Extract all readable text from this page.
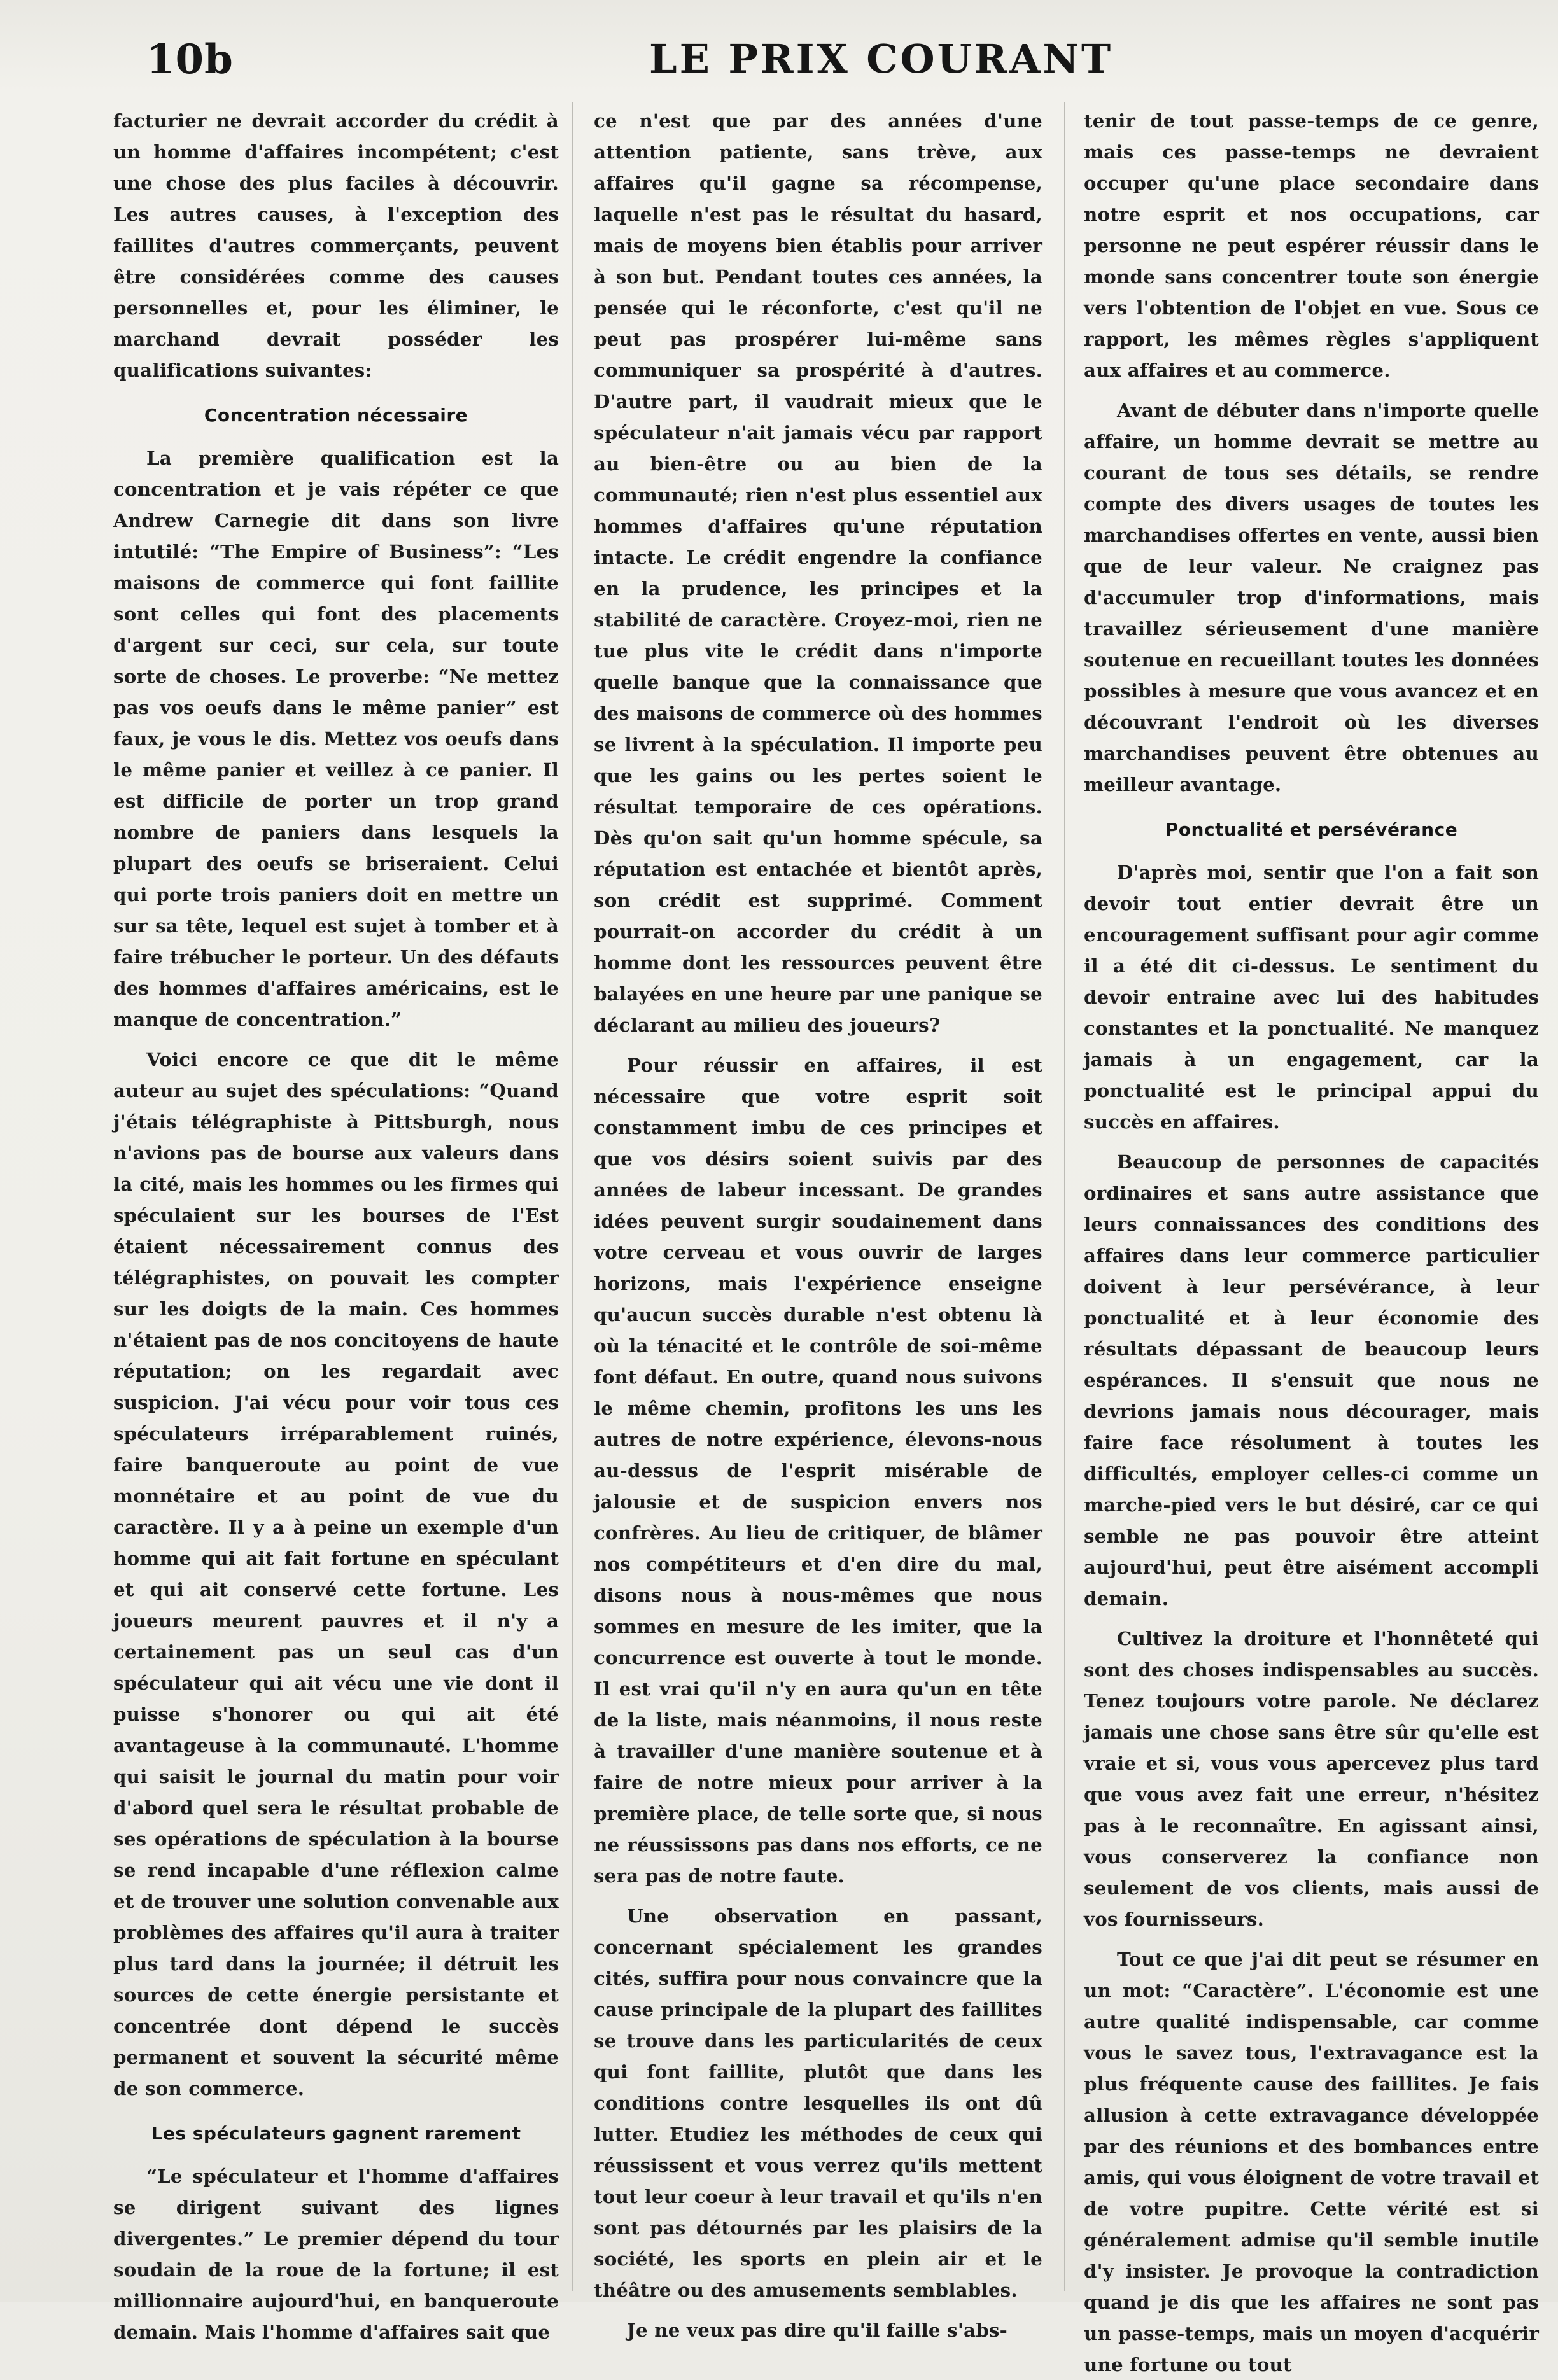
10b	LE PRIX COURANT

facturier ne devrait accorder du crédit à un homme d'affaires incompétent; c'est une chose des plus faciles à découvrir. Les autres causes, à l'exception des faillites d'autres commerçants, peuvent être considérées comme des causes personnelles et, pour les éliminer, le marchand devrait posséder les qualifications suivantes:

Concentration nécessaire

La première qualification est la concentration et je vais répéter ce que Andrew Carnegie dit dans son livre intutilé: “The Empire of Business”: “Les maisons de commerce qui font faillite sont celles qui font des placements d'argent sur ceci, sur cela, sur toute sorte de choses. Le proverbe: “Ne mettez pas vos oeufs dans le même panier” est faux, je vous le dis. Mettez vos oeufs dans le même panier et veillez à ce panier. Il est difficile de porter un trop grand nombre de paniers dans lesquels la plupart des oeufs se briseraient. Celui qui porte trois paniers doit en mettre un sur sa tête, lequel est sujet à tomber et à faire trébucher le porteur. Un des défauts des hommes d'affaires américains, est le manque de concentration.”

Voici encore ce que dit le même auteur au sujet des spéculations: “Quand j'étais télégraphiste à Pittsburgh, nous n'avions pas de bourse aux valeurs dans la cité, mais les hommes ou les firmes qui spéculaient sur les bourses de l'Est étaient nécessairement connus des télégraphistes, on pouvait les compter sur les doigts de la main. Ces hommes n'étaient pas de nos concitoyens de haute réputation; on les regardait avec suspicion. J'ai vécu pour voir tous ces spéculateurs irréparablement ruinés, faire banqueroute au point de vue monnétaire et au point de vue du caractère. Il y a à peine un exemple d'un homme qui ait fait fortune en spéculant et qui ait conservé cette fortune. Les joueurs meurent pauvres et il n'y a certainement pas un seul cas d'un spéculateur qui ait vécu une vie dont il puisse s'honorer ou qui ait été avantageuse à la communauté. L'homme qui saisit le journal du matin pour voir d'abord quel sera le résultat probable de ses opérations de spéculation à la bourse se rend incapable d'une réflexion calme et de trouver une solution convenable aux problèmes des affaires qu'il aura à traiter plus tard dans la journée; il détruit les sources de cette énergie persistante et concentrée dont dépend le succès permanent et souvent la sécurité même de son commerce.

Les spéculateurs gagnent rarement

“Le spéculateur et l'homme d'affaires se dirigent suivant des lignes divergentes.” Le premier dépend du tour soudain de la roue de la fortune; il est millionnaire aujourd'hui, en banqueroute demain. Mais l'homme d'affaires sait que

ce n'est que par des années d'une attention patiente, sans trève, aux affaires qu'il gagne sa récompense, laquelle n'est pas le résultat du hasard, mais de moyens bien établis pour arriver à son but. Pendant toutes ces années, la pensée qui le réconforte, c'est qu'il ne peut pas prospérer lui-même sans communiquer sa prospérité à d'autres. D'autre part, il vaudrait mieux que le spéculateur n'ait jamais vécu par rapport au bien-être ou au bien de la communauté; rien n'est plus essentiel aux hommes d'affaires qu'une réputation intacte. Le crédit engendre la confiance en la prudence, les principes et la stabilité de caractère. Croyez-moi, rien ne tue plus vite le crédit dans n'importe quelle banque que la connaissance que des maisons de commerce où des hommes se livrent à la spéculation. Il importe peu que les gains ou les pertes soient le résultat temporaire de ces opérations. Dès qu'on sait qu'un homme spécule, sa réputation est entachée et bientôt après, son crédit est supprimé. Comment pourrait-on accorder du crédit à un homme dont les ressources peuvent être balayées en une heure par une panique se déclarant au milieu des joueurs?

Pour réussir en affaires, il est nécessaire que votre esprit soit constamment imbu de ces principes et que vos désirs soient suivis par des années de labeur incessant. De grandes idées peuvent surgir soudainement dans votre cerveau et vous ouvrir de larges horizons, mais l'expérience enseigne qu'aucun succès durable n'est obtenu là où la ténacité et le contrôle de soi-même font défaut. En outre, quand nous suivons le même chemin, profitons les uns les autres de notre expérience, élevons-nous au-dessus de l'esprit misérable de jalousie et de suspicion envers nos confrères. Au lieu de critiquer, de blâmer nos compétiteurs et d'en dire du mal, disons nous à nous-mêmes que nous sommes en mesure de les imiter, que la concurrence est ouverte à tout le monde. Il est vrai qu'il n'y en aura qu'un en tête de la liste, mais néanmoins, il nous reste à travailler d'une manière soutenue et à faire de notre mieux pour arriver à la première place, de telle sorte que, si nous ne réussissons pas dans nos efforts, ce ne sera pas de notre faute.

Une observation en passant, concernant spécialement les grandes cités, suffira pour nous convaincre que la cause principale de la plupart des faillites se trouve dans les particularités de ceux qui font faillite, plutôt que dans les conditions contre lesquelles ils ont dû lutter. Etudiez les méthodes de ceux qui réussissent et vous verrez qu'ils mettent tout leur coeur à leur travail et qu'ils n'en sont pas détournés par les plaisirs de la société, les sports en plein air et le théâtre ou des amusements semblables.

Je ne veux pas dire qu'il faille s'abs-

tenir de tout passe-temps de ce genre, mais ces passe-temps ne devraient occuper qu'une place secondaire dans notre esprit et nos occupations, car personne ne peut espérer réussir dans le monde sans concentrer toute son énergie vers l'obtention de l'objet en vue. Sous ce rapport, les mêmes règles s'appliquent aux affaires et au commerce.

Avant de débuter dans n'importe quelle affaire, un homme devrait se mettre au courant de tous ses détails, se rendre compte des divers usages de toutes les marchandises offertes en vente, aussi bien que de leur valeur. Ne craignez pas d'accumuler trop d'informations, mais travaillez sérieusement d'une manière soutenue en recueillant toutes les données possibles à mesure que vous avancez et en découvrant l'endroit où les diverses marchandises peuvent être obtenues au meilleur avantage.

Ponctualité et persévérance

D'après moi, sentir que l'on a fait son devoir tout entier devrait être un encouragement suffisant pour agir comme il a été dit ci-dessus. Le sentiment du devoir entraine avec lui des habitudes constantes et la ponctualité. Ne manquez jamais à un engagement, car la ponctualité est le principal appui du succès en affaires.

Beaucoup de personnes de capacités ordinaires et sans autre assistance que leurs connaissances des conditions des affaires dans leur commerce particulier doivent à leur persévérance, à leur ponctualité et à leur économie des résultats dépassant de beaucoup leurs espérances. Il s'ensuit que nous ne devrions jamais nous décourager, mais faire face résolument à toutes les difficultés, employer celles-ci comme un marche-pied vers le but désiré, car ce qui semble ne pas pouvoir être atteint aujourd'hui, peut être aisément accompli demain.

Cultivez la droiture et l'honnêteté qui sont des choses indispensables au succès. Tenez toujours votre parole. Ne déclarez jamais une chose sans être sûr qu'elle est vraie et si, vous vous apercevez plus tard que vous avez fait une erreur, n'hésitez pas à le reconnaître. En agissant ainsi, vous conserverez la confiance non seulement de vos clients, mais aussi de vos fournisseurs.

Tout ce que j'ai dit peut se résumer en un mot: “Caractère”. L'économie est une autre qualité indispensable, car comme vous le savez tous, l'extravagance est la plus fréquente cause des faillites. Je fais allusion à cette extravagance développée par des réunions et des bombances entre amis, qui vous éloignent de votre travail et de votre pupitre. Cette vérité est si généralement admise qu'il semble inutile d'y insister. Je provoque la contradiction quand je dis que les affaires ne sont pas un passe-temps, mais un moyen d'acquérir une fortune ou tout
